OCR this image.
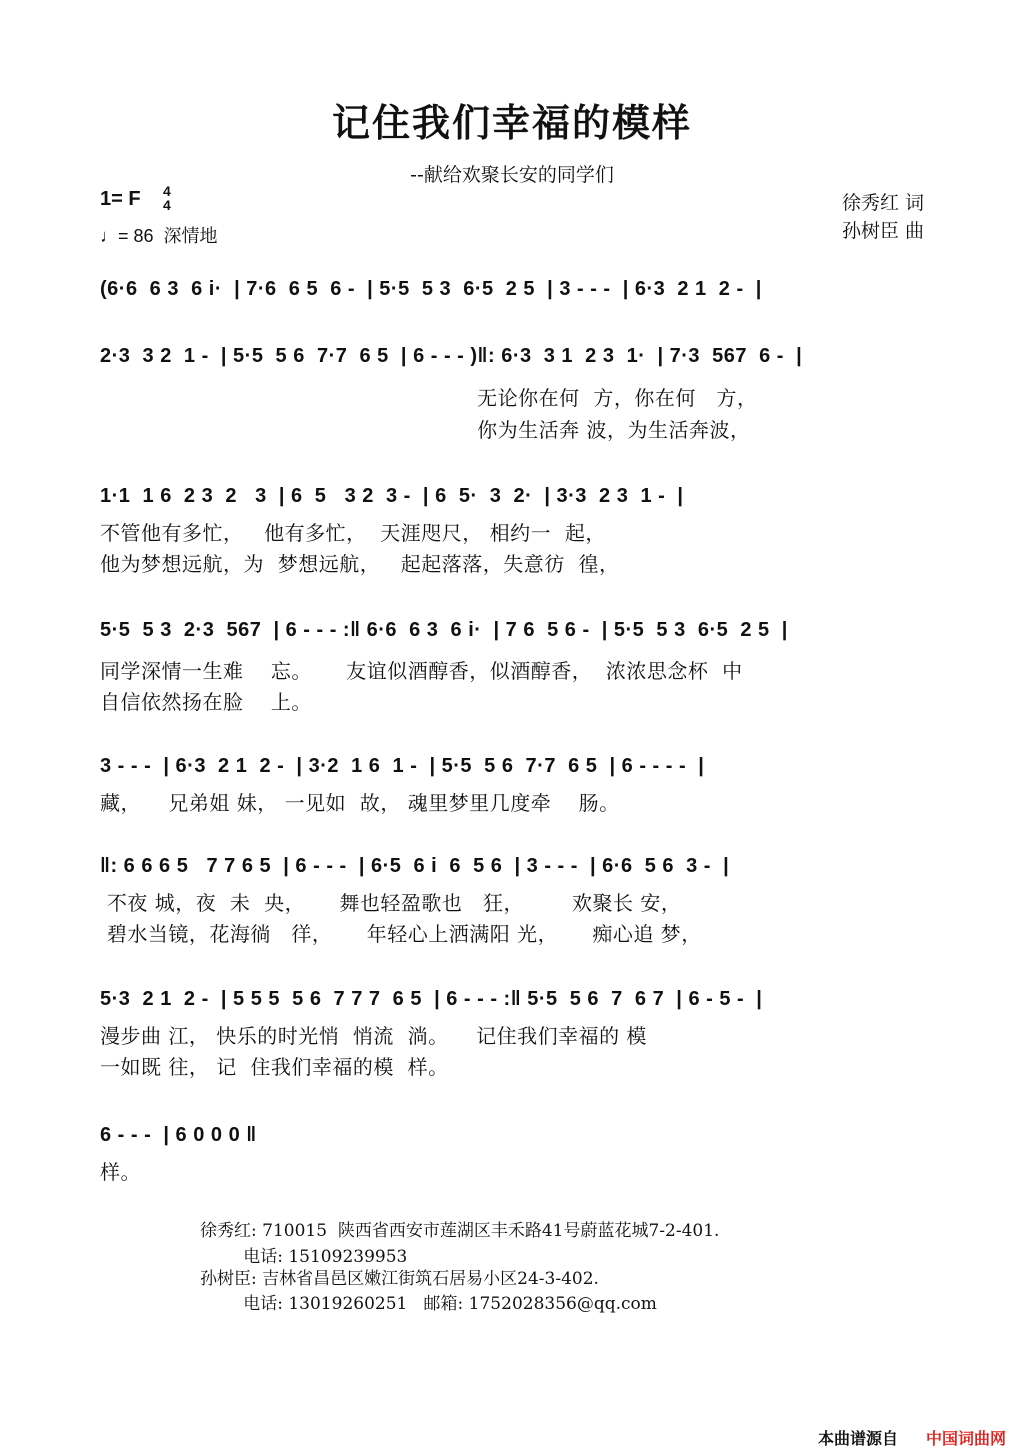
记住我们幸福的模样
--献给欢聚长安的同学们
1= F 4
4
♩= 86  深情地
徐秀红 词
孙树臣 曲
(6·6  6 3  6 i·  | 7·6  6 5  6 -  | 5·5  5 3  6·5  2 5  | 3 - - -  | 6·3  2 1  2 -  |
2·3  3 2  1 -  | 5·5  5 6  7·7  6 5  | 6 - - - )‖: 6·3  3 1  2 3  1·  | 7·3  567  6 -  |
无论你在何  方，你在何   方，
你为生活奔 波，为生活奔波，
1·1  1 6  2 3  2   3  | 6  5   3 2  3 -  | 6  5·  3  2·  | 3·3  2 3  1 -  |
不管他有多忙，   他有多忙，  天涯咫尺， 相约一  起，
他为梦想远航，为  梦想远航，   起起落落，失意彷  徨，
5·5  5 3  2·3  567  | 6 - - - :‖ 6·6  6 3  6 i·  | 7 6  5 6 -  | 5·5  5 3  6·5  2 5  |
同学深情一生难    忘。     友谊似酒醇香，似酒醇香，  浓浓思念杯  中
自信依然扬在脸    上。
3 - - -  | 6·3  2 1  2 -  | 3·2  1 6  1 -  | 5·5  5 6  7·7  6 5  | 6 - - - -  |
藏，    兄弟姐 妹， 一见如  故， 魂里梦里几度牵    肠。
‖: 6 6 6 5   7 7 6 5  | 6 - - -  | 6·5  6 i  6  5 6  | 3 - - -  | 6·6  5 6  3 -  |
不夜 城，夜  未  央，     舞也轻盈歌也   狂，       欢聚长 安，
碧水当镜，花海徜   徉，     年轻心上洒满阳 光，     痴心追 梦，
5·3  2 1  2 -  | 5 5 5  5 6  7 7 7  6 5  | 6 - - - :‖ 5·5  5 6  7  6 7  | 6 - 5 -  |
漫步曲 江， 快乐的时光悄  悄流  淌。    记住我们幸福的 模
一如既 往， 记  住我们幸福的模  样。
6 - - -  | 6 0 0 0 ‖
样。
徐秀红: 710015  陕西省西安市莲湖区丰禾路41号蔚蓝花城7-2-401.
电话: 15109239953
孙树臣: 吉林省昌邑区嫩江街筑石居易小区24-3-402.
电话: 13019260251   邮箱: 1752028356@qq.com
本曲谱源自 中国词曲网
